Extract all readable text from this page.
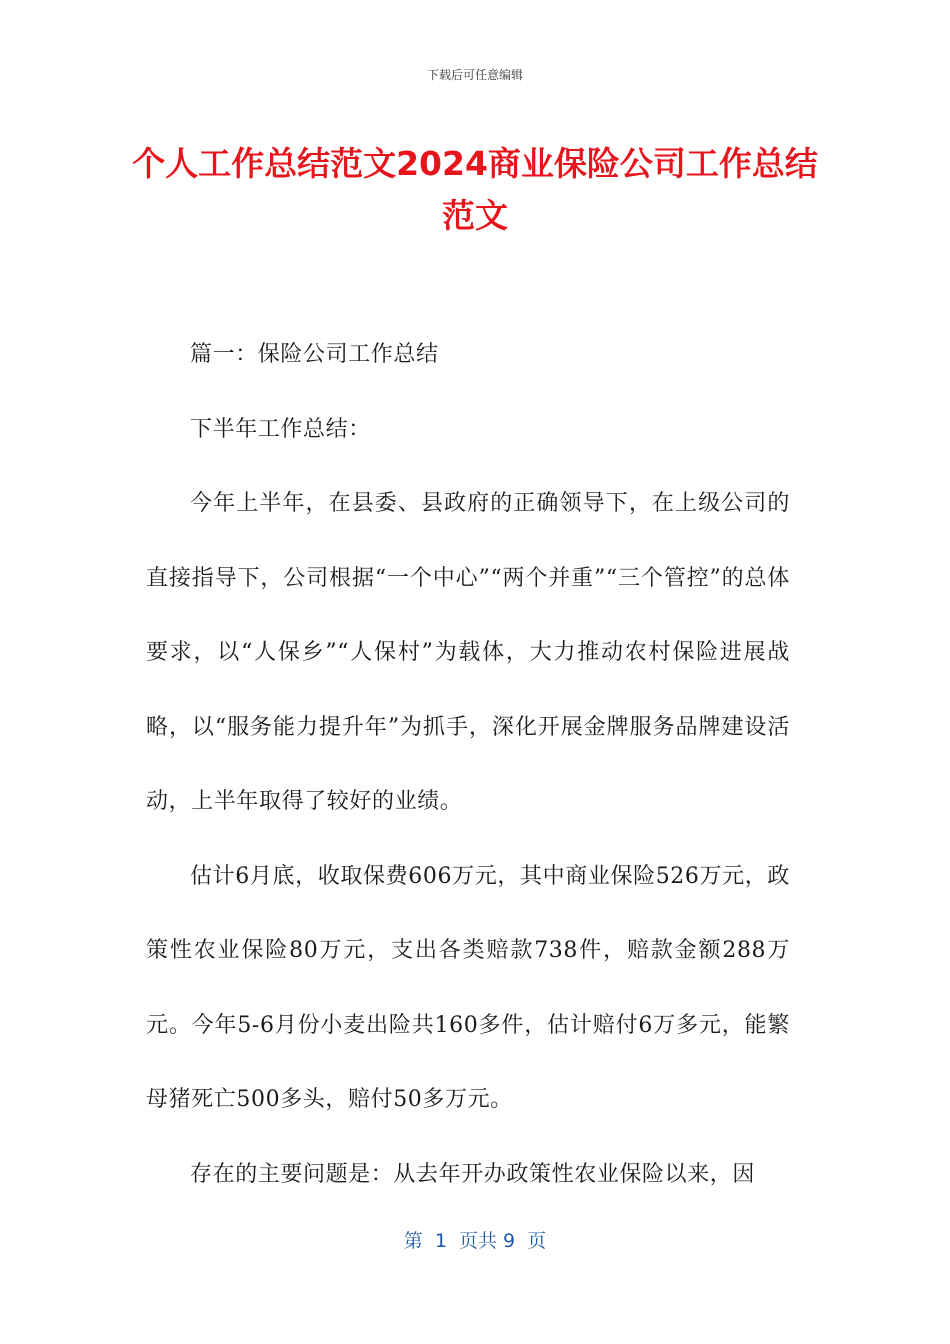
下载后可任意编辑
个人工作总结范文2024商业保险公司工作总结范文

篇一：保险公司工作总结

下半年工作总结：

今年上半年，在县委、县政府的正确领导下，在上级公司的直接指导下，公司根据“一个中心”“两个并重”“三个管控”的总体要求，以“人保乡”“人保村”为载体，大力推动农村保险进展战略，以“服务能力提升年”为抓手，深化开展金牌服务品牌建设活动，上半年取得了较好的业绩。

估计6月底，收取保费606万元，其中商业保险526万元，政策性农业保险80万元，支出各类赔款738件，赔款金额288万元。今年5-6月份小麦出险共160多件，估计赔付6万多元，能繁母猪死亡500多头，赔付50多万元。

存在的主要问题是：从去年开办政策性农业保险以来，因

第  1  页共 9  页
